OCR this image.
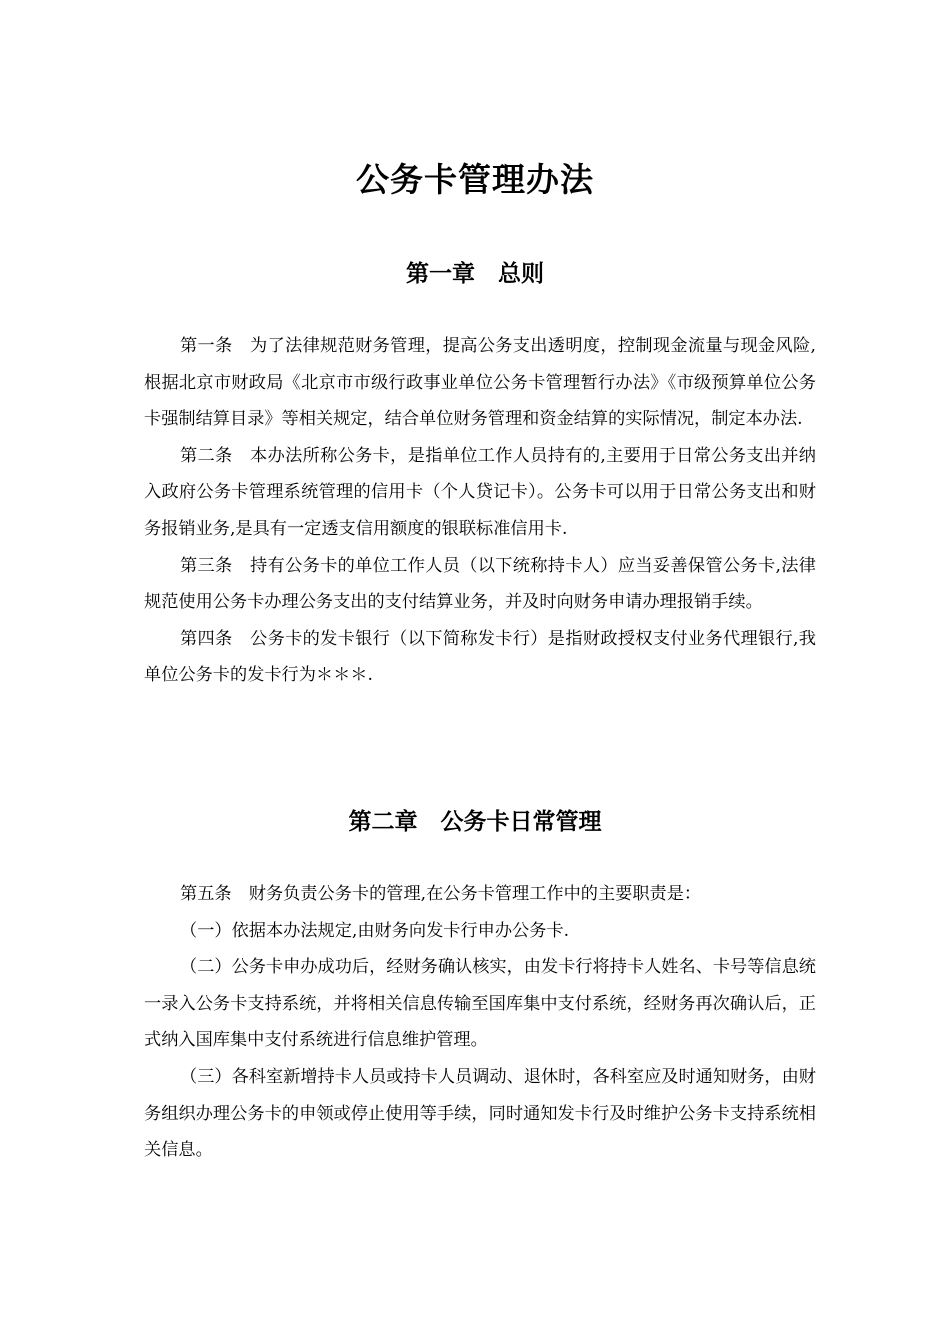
公务卡管理办法
第一章　总则

第一条　为了法律规范财务管理，提高公务支出透明度，控制现金流量与现金风险,根据北京市财政局《北京市市级行政事业单位公务卡管理暂行办法》《市级预算单位公务卡强制结算目录》等相关规定，结合单位财务管理和资金结算的实际情况，制定本办法.

第二条　本办法所称公务卡，是指单位工作人员持有的,主要用于日常公务支出并纳入政府公务卡管理系统管理的信用卡（个人贷记卡）。公务卡可以用于日常公务支出和财务报销业务,是具有一定透支信用额度的银联标准信用卡.

第三条　持有公务卡的单位工作人员（以下统称持卡人）应当妥善保管公务卡,法律规范使用公务卡办理公务支出的支付结算业务，并及时向财务申请办理报销手续。

第四条　公务卡的发卡银行（以下简称发卡行）是指财政授权支付业务代理银行,我单位公务卡的发卡行为＊＊＊.

第二章　公务卡日常管理

第五条　财务负责公务卡的管理,在公务卡管理工作中的主要职责是：

（一）依据本办法规定,由财务向发卡行申办公务卡.

（二）公务卡申办成功后，经财务确认核实，由发卡行将持卡人姓名、卡号等信息统一录入公务卡支持系统，并将相关信息传输至国库集中支付系统，经财务再次确认后，正式纳入国库集中支付系统进行信息维护管理。

（三）各科室新增持卡人员或持卡人员调动、退休时，各科室应及时通知财务，由财务组织办理公务卡的申领或停止使用等手续，同时通知发卡行及时维护公务卡支持系统相关信息。
